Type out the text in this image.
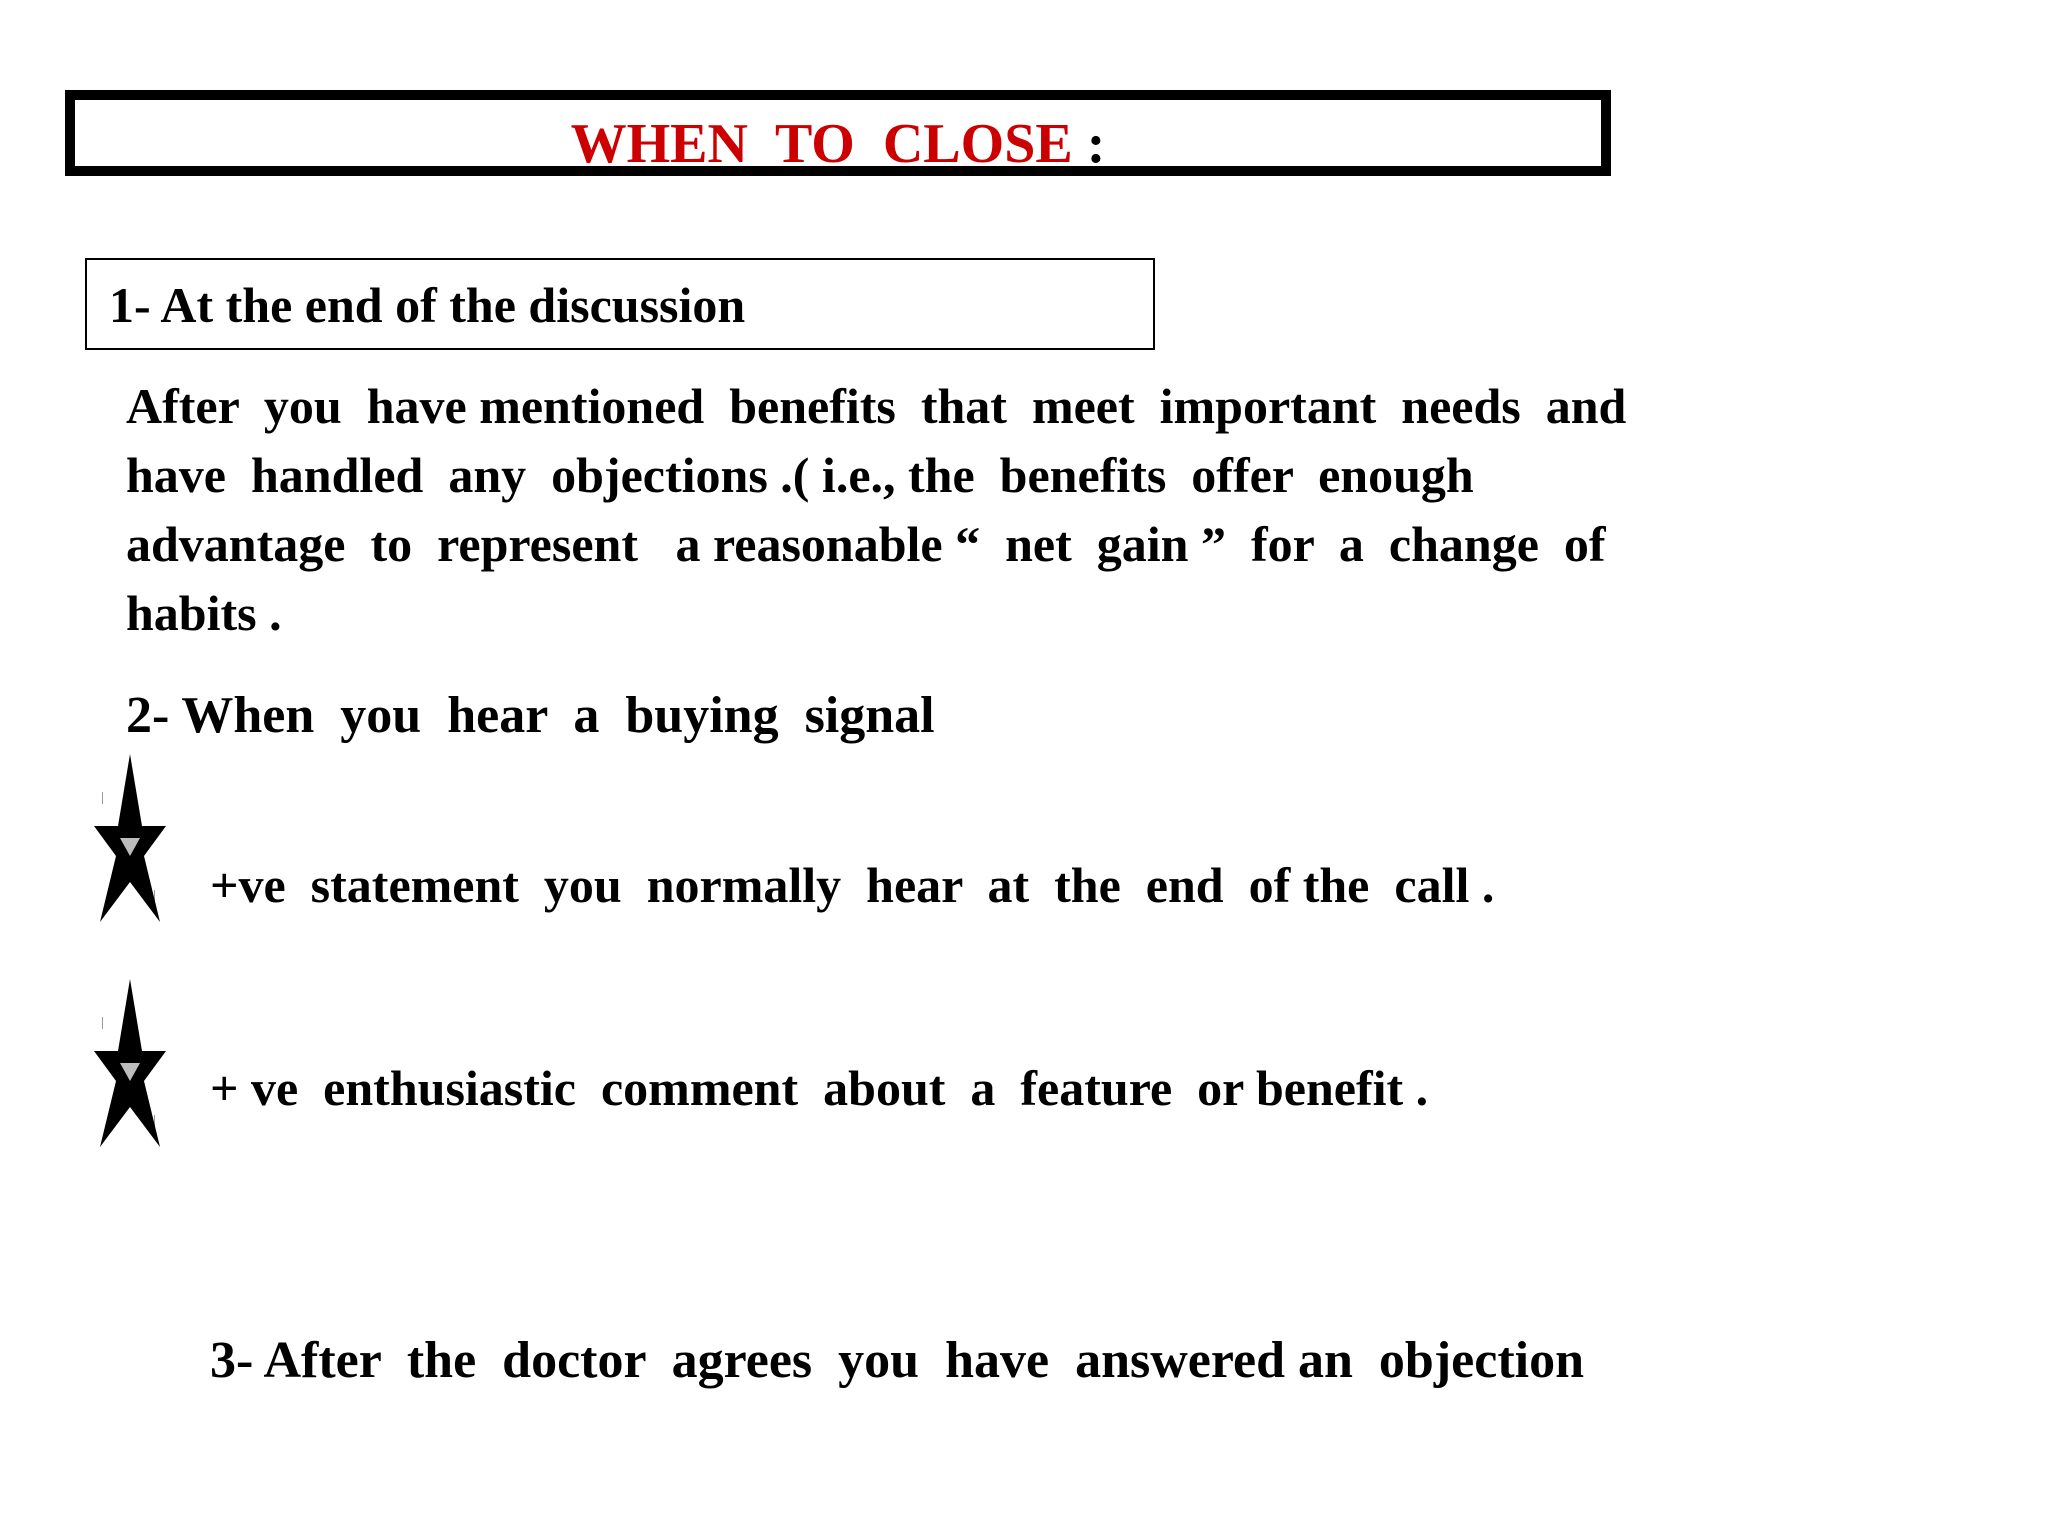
WHEN  TO  CLOSE :
1- At the end of the discussion
After  you  have mentioned  benefits  that  meet  important  needs  and
have  handled  any  objections .( i.e., the  benefits  offer  enough
advantage  to  represent   a reasonable “  net  gain ”  for  a  change  of
habits .
2- When  you  hear  a  buying  signal
+ve  statement  you  normally  hear  at  the  end  of the  call .
+ ve  enthusiastic  comment  about  a  feature  or benefit .
3- After  the  doctor  agrees  you  have  answered an  objection
